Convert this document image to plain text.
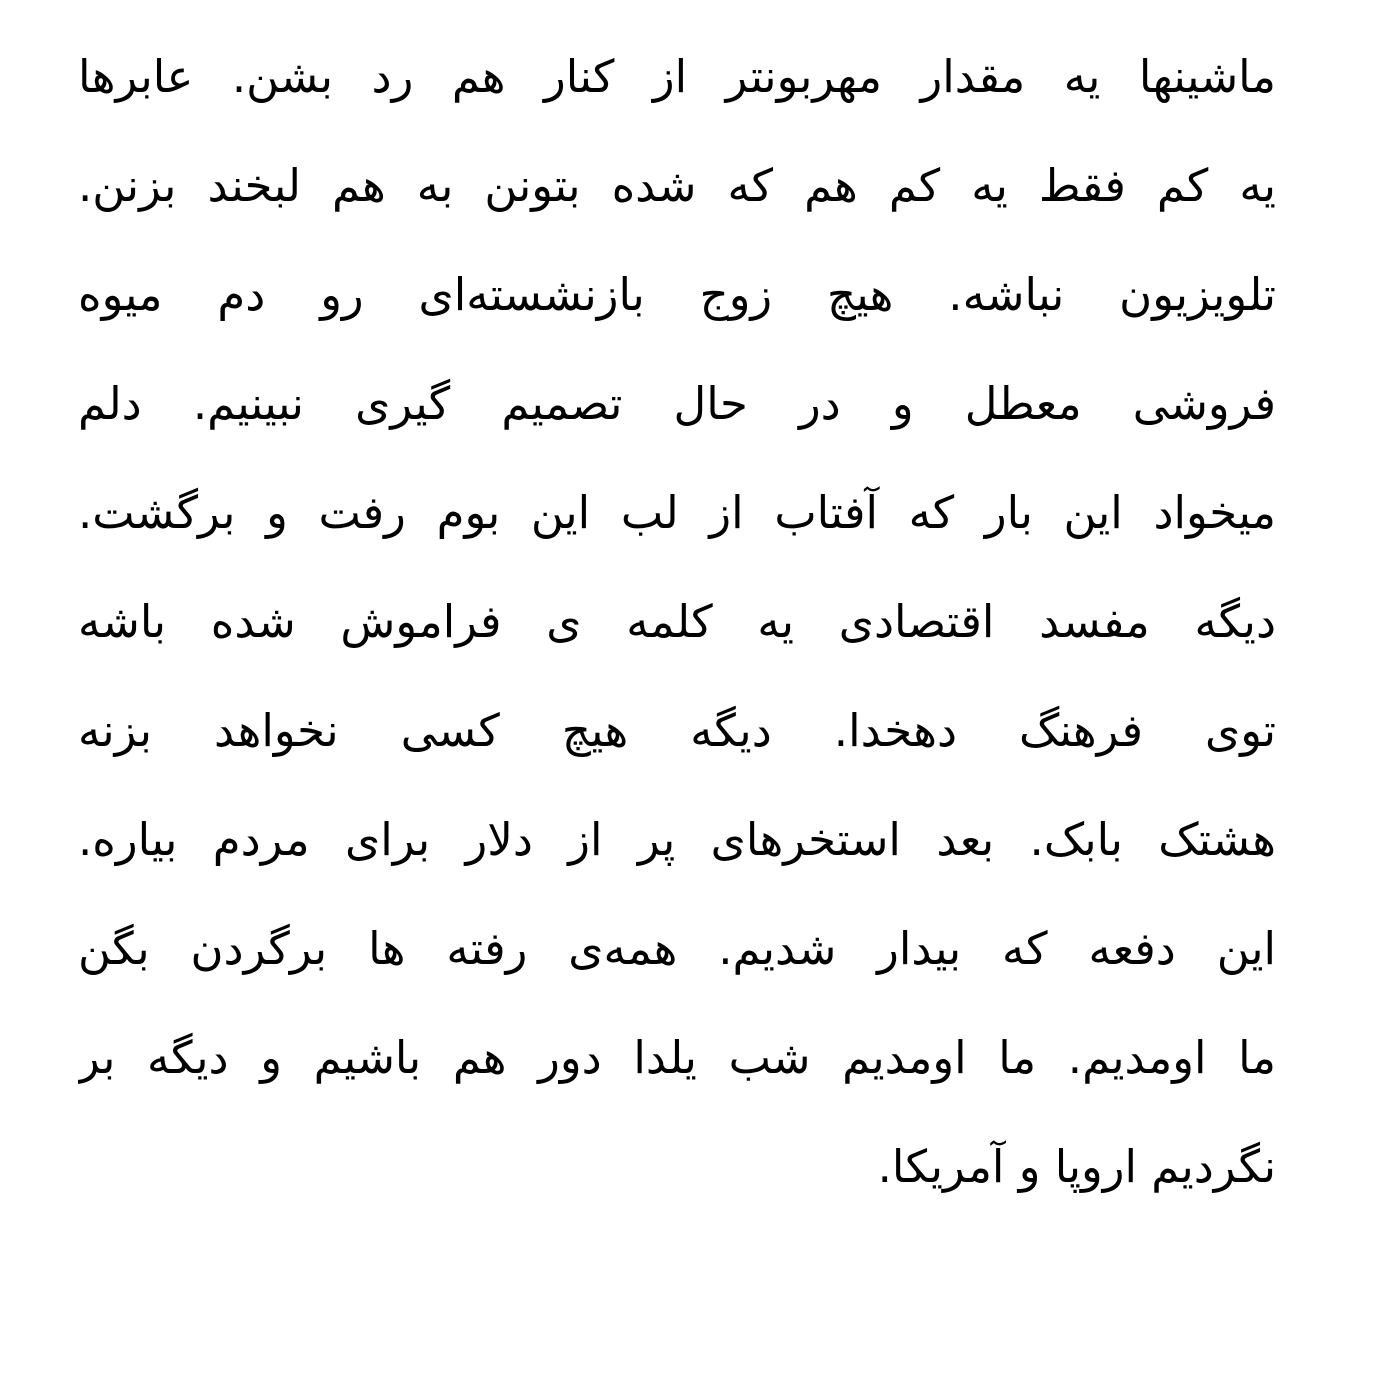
ماشینها یه مقدار مهربونتر از کنار هم رد بشن. عابرها
یه کم فقط یه کم هم که شده بتونن به هم لبخند بزنن.
تلویزیون نباشه. هیچ زوج بازنشسته‌ای رو دم میوه
فروشی معطل و در حال تصمیم گیری نبینیم. دلم
میخواد این بار که آفتاب از لب این بوم رفت و برگشت.
دیگه مفسد اقتصادی یه کلمه ی فراموش شده باشه
توی فرهنگ دهخدا. دیگه هیچ کسی نخواهد بزنه
هشتک بابک. بعد استخرهای پر از دلار برای مردم بیاره.
این دفعه که بیدار شدیم. همه‌ی رفته ها برگردن بگن
ما اومدیم. ما اومدیم شب یلدا دور هم باشیم و دیگه بر
نگردیم اروپا و آمریکا.
